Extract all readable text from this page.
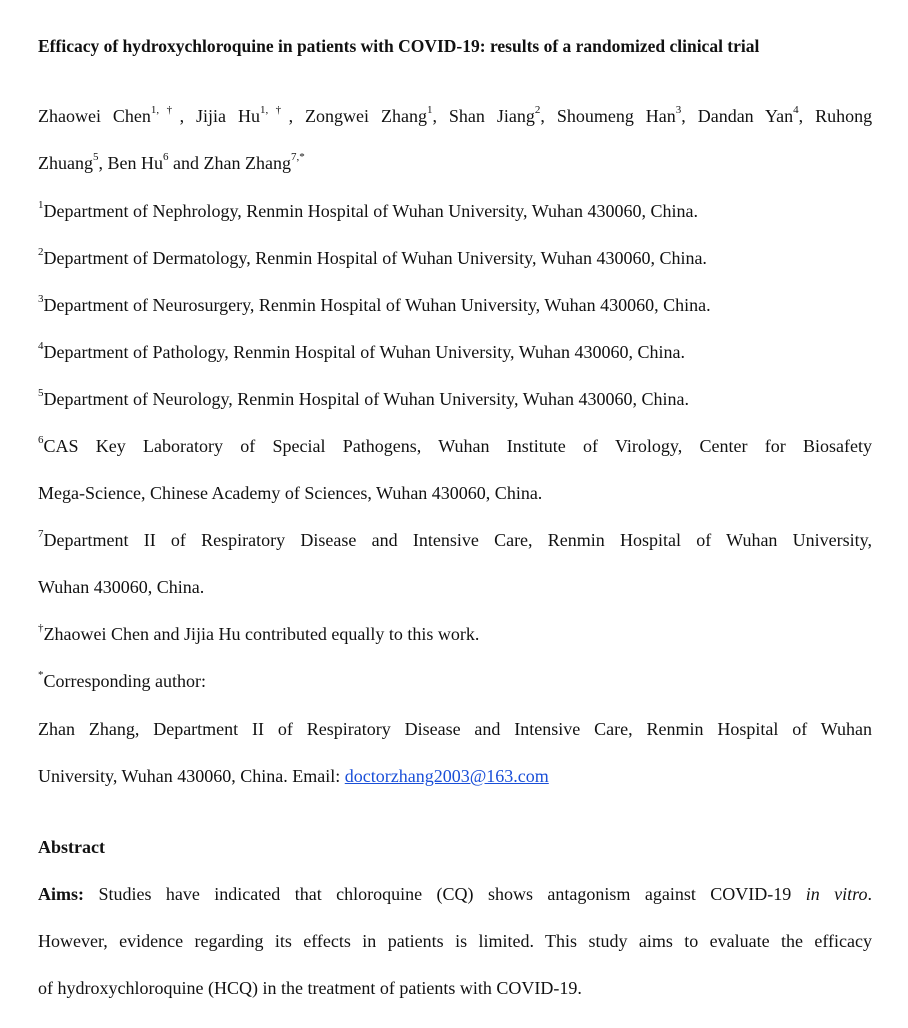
Efficacy of hydroxychloroquine in patients with COVID-19: results of a randomized clinical trial
Zhaowei Chen$^{1,\dagger}$, Jijia $Hu^{1,\dagger}$, Zongwei Zhang$^1$, Shan Jiang$^2$, Shoumeng Han$^3$, Dandan Yan$^4$, Ruhong
Zhuang$^5$, Ben Hu$^6$ and Zhan Zhang$^{7,*}$
$^1$Department of Nephrology, Renmin Hospital of Wuhan University, Wuhan 430060, China.
$^2$Department of Dermatology, Renmin Hospital of Wuhan University, Wuhan 430060, China.
$^3$Department of Neurosurgery, Renmin Hospital of Wuhan University, Wuhan 430060, China.
$^4$Department of Pathology, Renmin Hospital of Wuhan University, Wuhan 430060, China.
$^5$Department of Neurology, Renmin Hospital of Wuhan University, Wuhan 430060, China.
$^6$CAS Key Laboratory of Special Pathogens, Wuhan Institute of Virology, Center for Biosafety
Mega-Science, Chinese Academy of Sciences, Wuhan 430060, China.
$^7$Department II of Respiratory Disease and Intensive Care, Renmin Hospital of Wuhan University,
Wuhan 430060, China.
†Zhaowei Chen and Jijia Hu contributed equally to this work.
*Corresponding author:
Zhan Zhang, Department II of Respiratory Disease and Intensive Care, Renmin Hospital of Wuhan
University, Wuhan 430060, China. Email: doctorzhang2003@163.com
Abstract
Aims: Studies have indicated that chloroquine (CQ) shows antagonism against COVID-19 in vitro.
However, evidence regarding its effects in patients is limited. This study aims to evaluate the efficacy
of hydroxychloroquine (HCQ) in the treatment of patients with COVID-19.
